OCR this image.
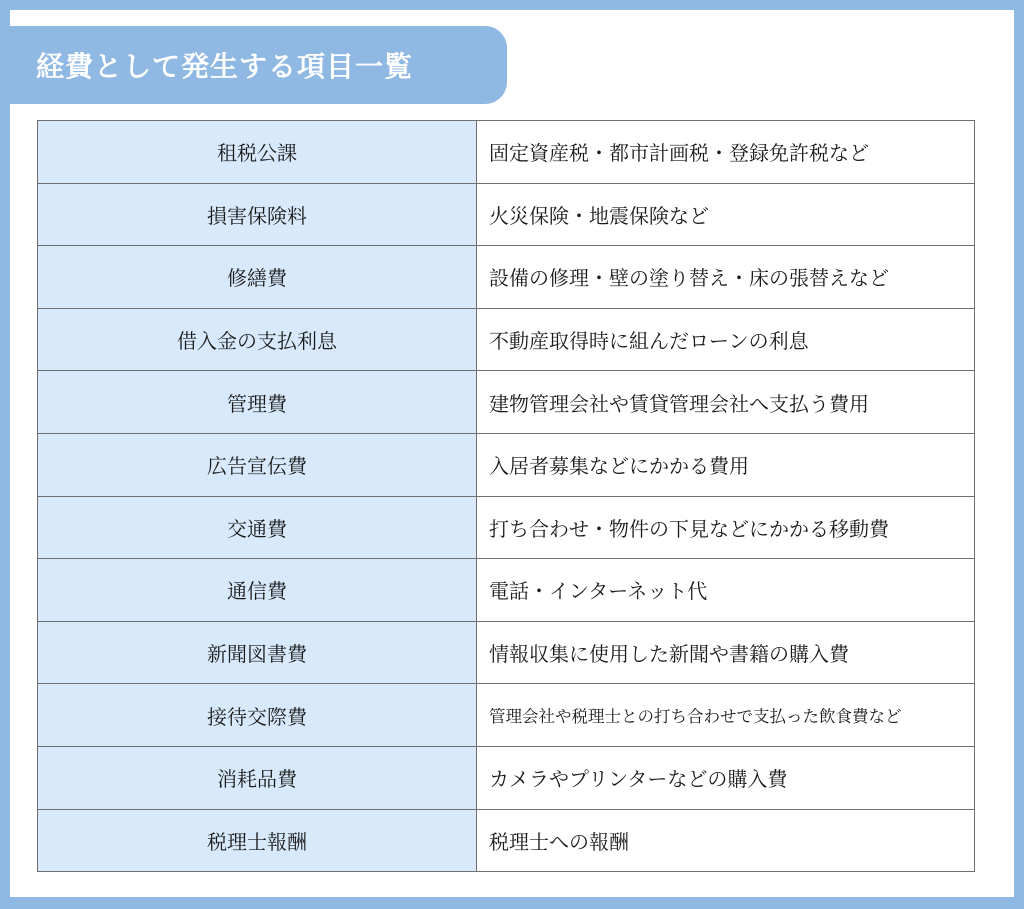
経費として発生する項目一覧
租税公課	固定資産税・都市計画税・登録免許税など
損害保険料	火災保険・地震保険など
修繕費	設備の修理・壁の塗り替え・床の張替えなど
借入金の支払利息	不動産取得時に組んだローンの利息
管理費	建物管理会社や賃貸管理会社へ支払う費用
広告宣伝費	入居者募集などにかかる費用
交通費	打ち合わせ・物件の下見などにかかる移動費
通信費	電話・インターネット代
新聞図書費	情報収集に使用した新聞や書籍の購入費
接待交際費	管理会社や税理士との打ち合わせで支払った飲食費など
消耗品費	カメラやプリンターなどの購入費
税理士報酬	税理士への報酬
